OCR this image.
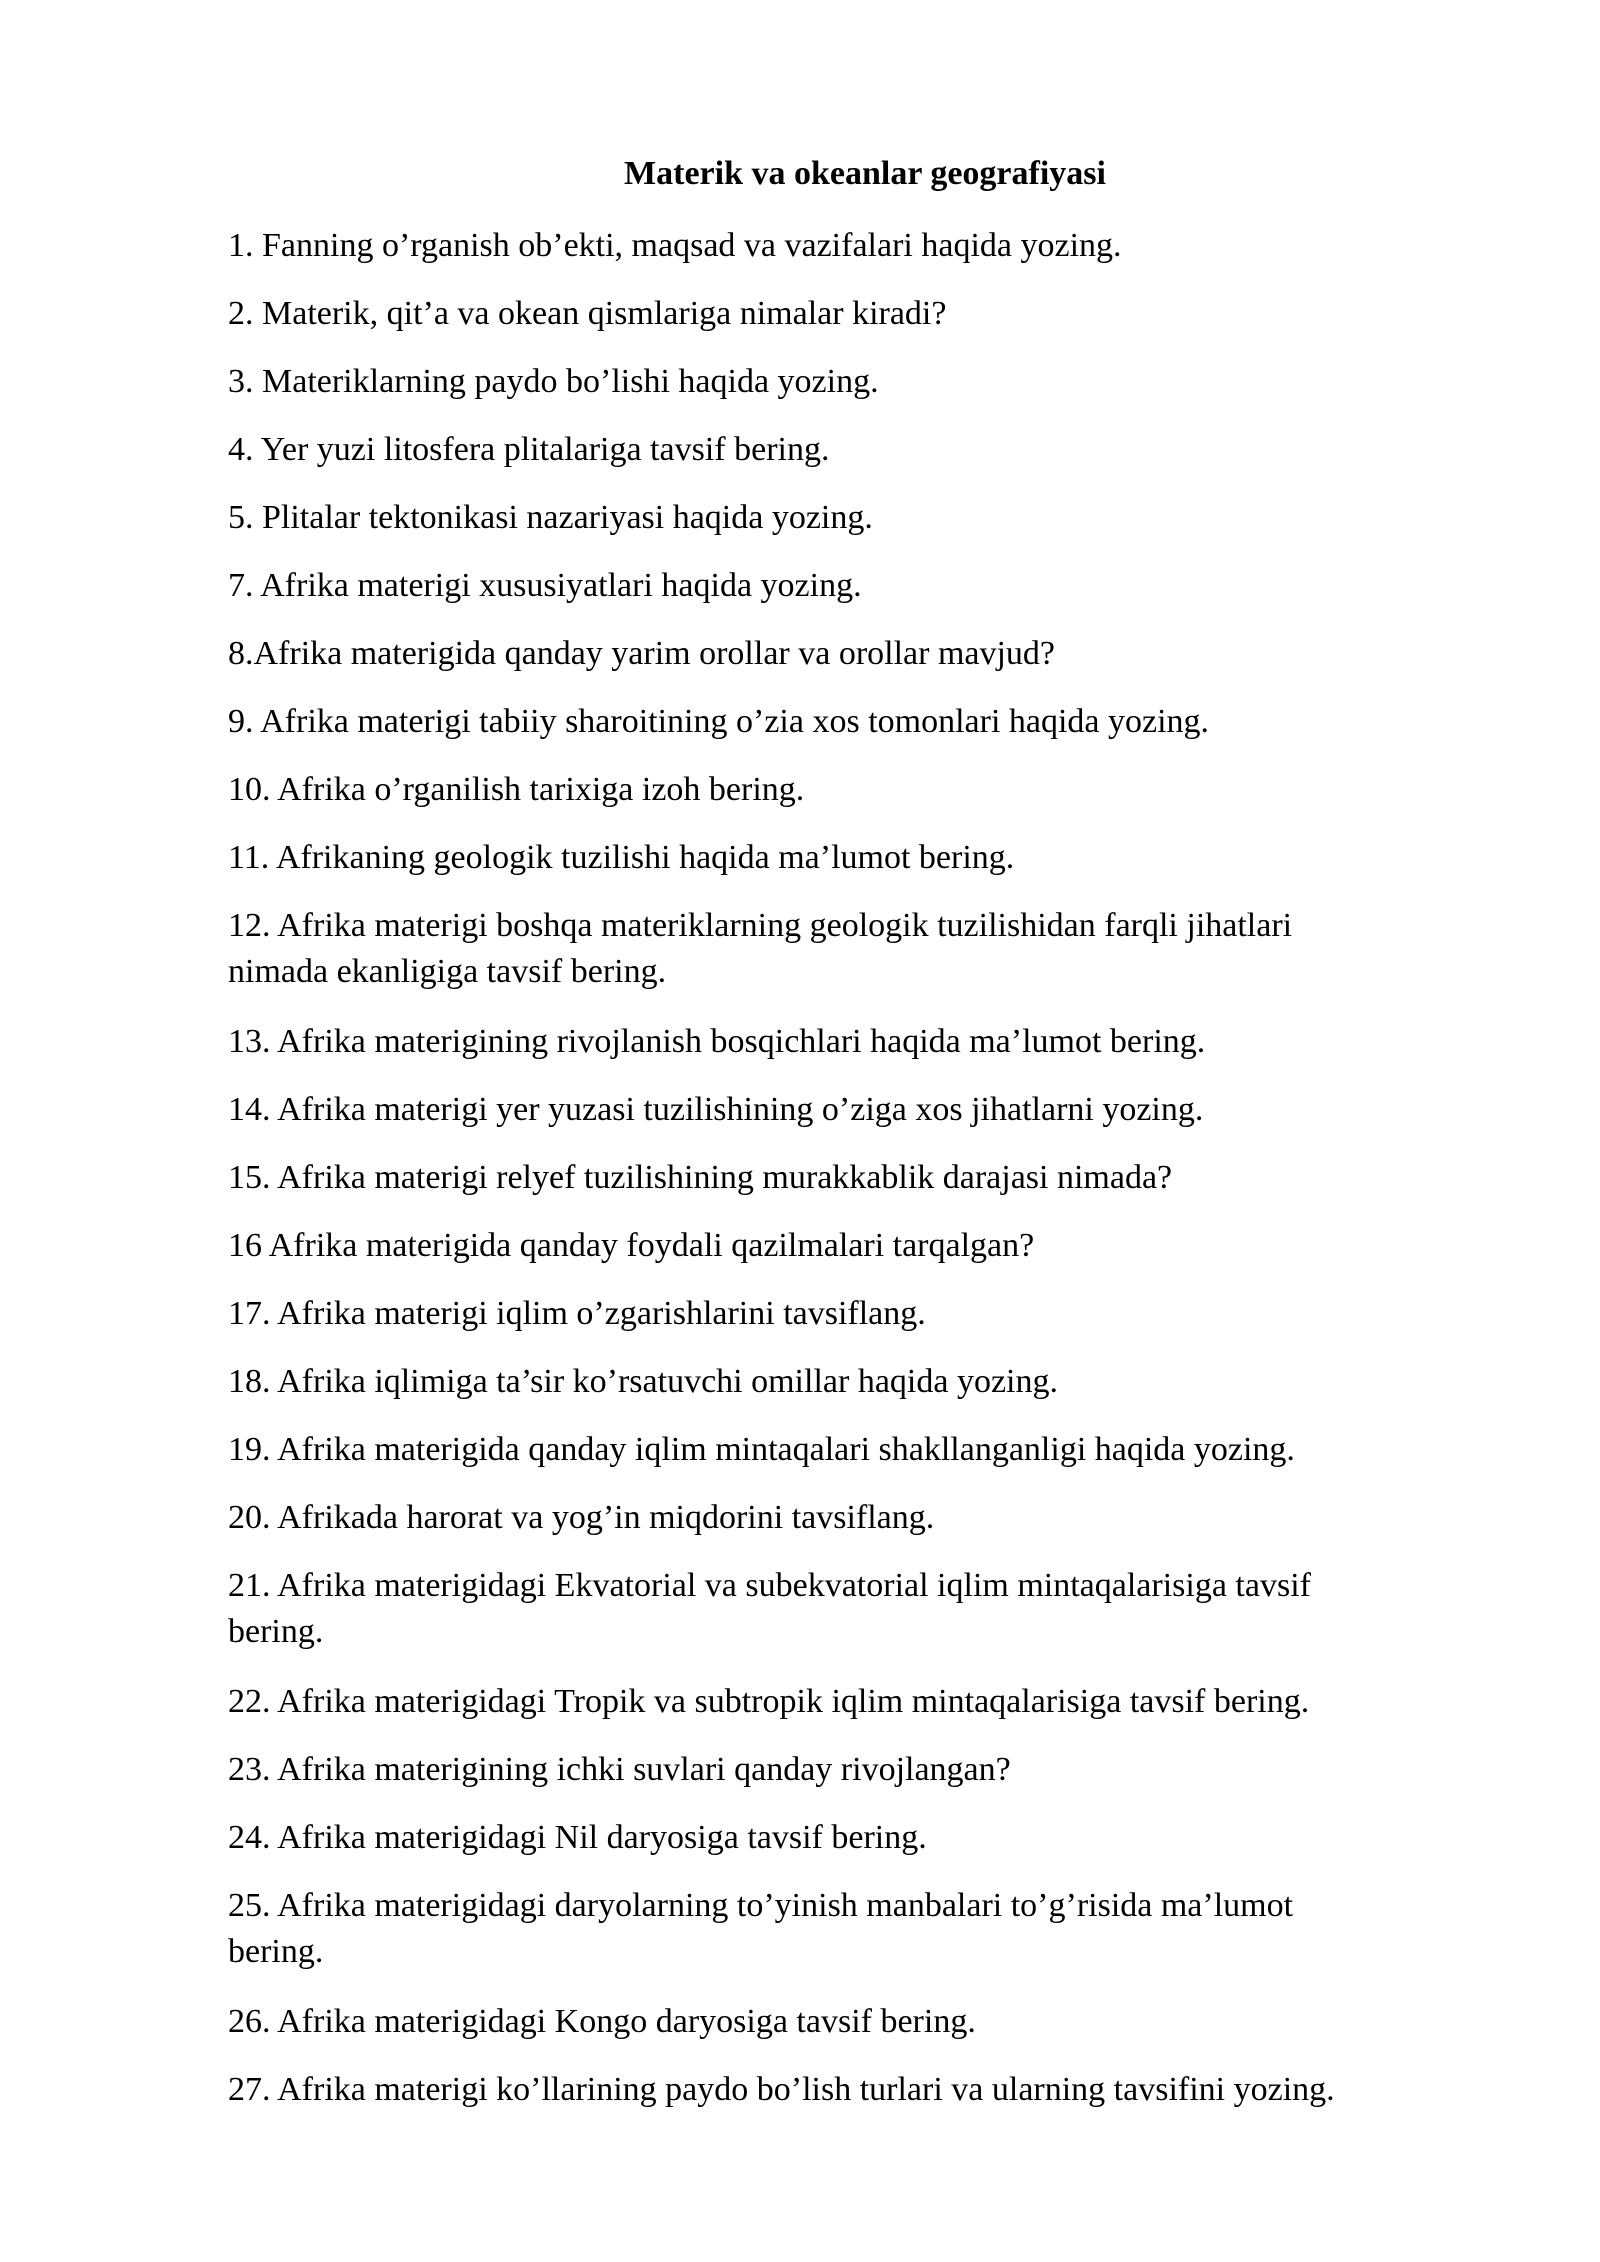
Materik va okeanlar geografiyasi
1. Fanning o’rganish ob’ekti, maqsad va vazifalari haqida yozing.
2. Materik, qit’a va okean qismlariga nimalar kiradi?
3. Materiklarning paydo bo’lishi haqida yozing.
4. Yer yuzi litosfera plitalariga tavsif bering.
5. Plitalar tektonikasi nazariyasi haqida yozing.
7. Afrika materigi xususiyatlari haqida yozing.
8.Afrika materigida qanday yarim orollar va orollar mavjud?
9. Afrika materigi tabiiy sharoitining o’zia xos tomonlari haqida yozing.
10. Afrika o’rganilish tarixiga izoh bering.
11. Afrikaning geologik tuzilishi haqida ma’lumot bering.
12. Afrika materigi boshqa materiklarning geologik tuzilishidan farqli jihatlari
nimada ekanligiga tavsif bering.
13. Afrika materigining rivojlanish bosqichlari haqida ma’lumot bering.
14. Afrika materigi yer yuzasi tuzilishining o’ziga xos jihatlarni yozing.
15. Afrika materigi relyef tuzilishining murakkablik darajasi nimada?
16 Afrika materigida qanday foydali qazilmalari tarqalgan?
17. Afrika materigi iqlim o’zgarishlarini tavsiflang.
18. Afrika iqlimiga ta’sir ko’rsatuvchi omillar haqida yozing.
19. Afrika materigida qanday iqlim mintaqalari shakllanganligi haqida yozing.
20. Afrikada harorat va yog’in miqdorini tavsiflang.
21. Afrika materigidagi Ekvatorial va subekvatorial iqlim mintaqalarisiga tavsif
bering.
22. Afrika materigidagi Tropik va subtropik iqlim mintaqalarisiga tavsif bering.
23. Afrika materigining ichki suvlari qanday rivojlangan?
24. Afrika materigidagi Nil daryosiga tavsif bering.
25. Afrika materigidagi daryolarning to’yinish manbalari to’g’risida ma’lumot
bering.
26. Afrika materigidagi Kongo daryosiga tavsif bering.
27. Afrika materigi ko’llarining paydo bo’lish turlari va ularning tavsifini yozing.
